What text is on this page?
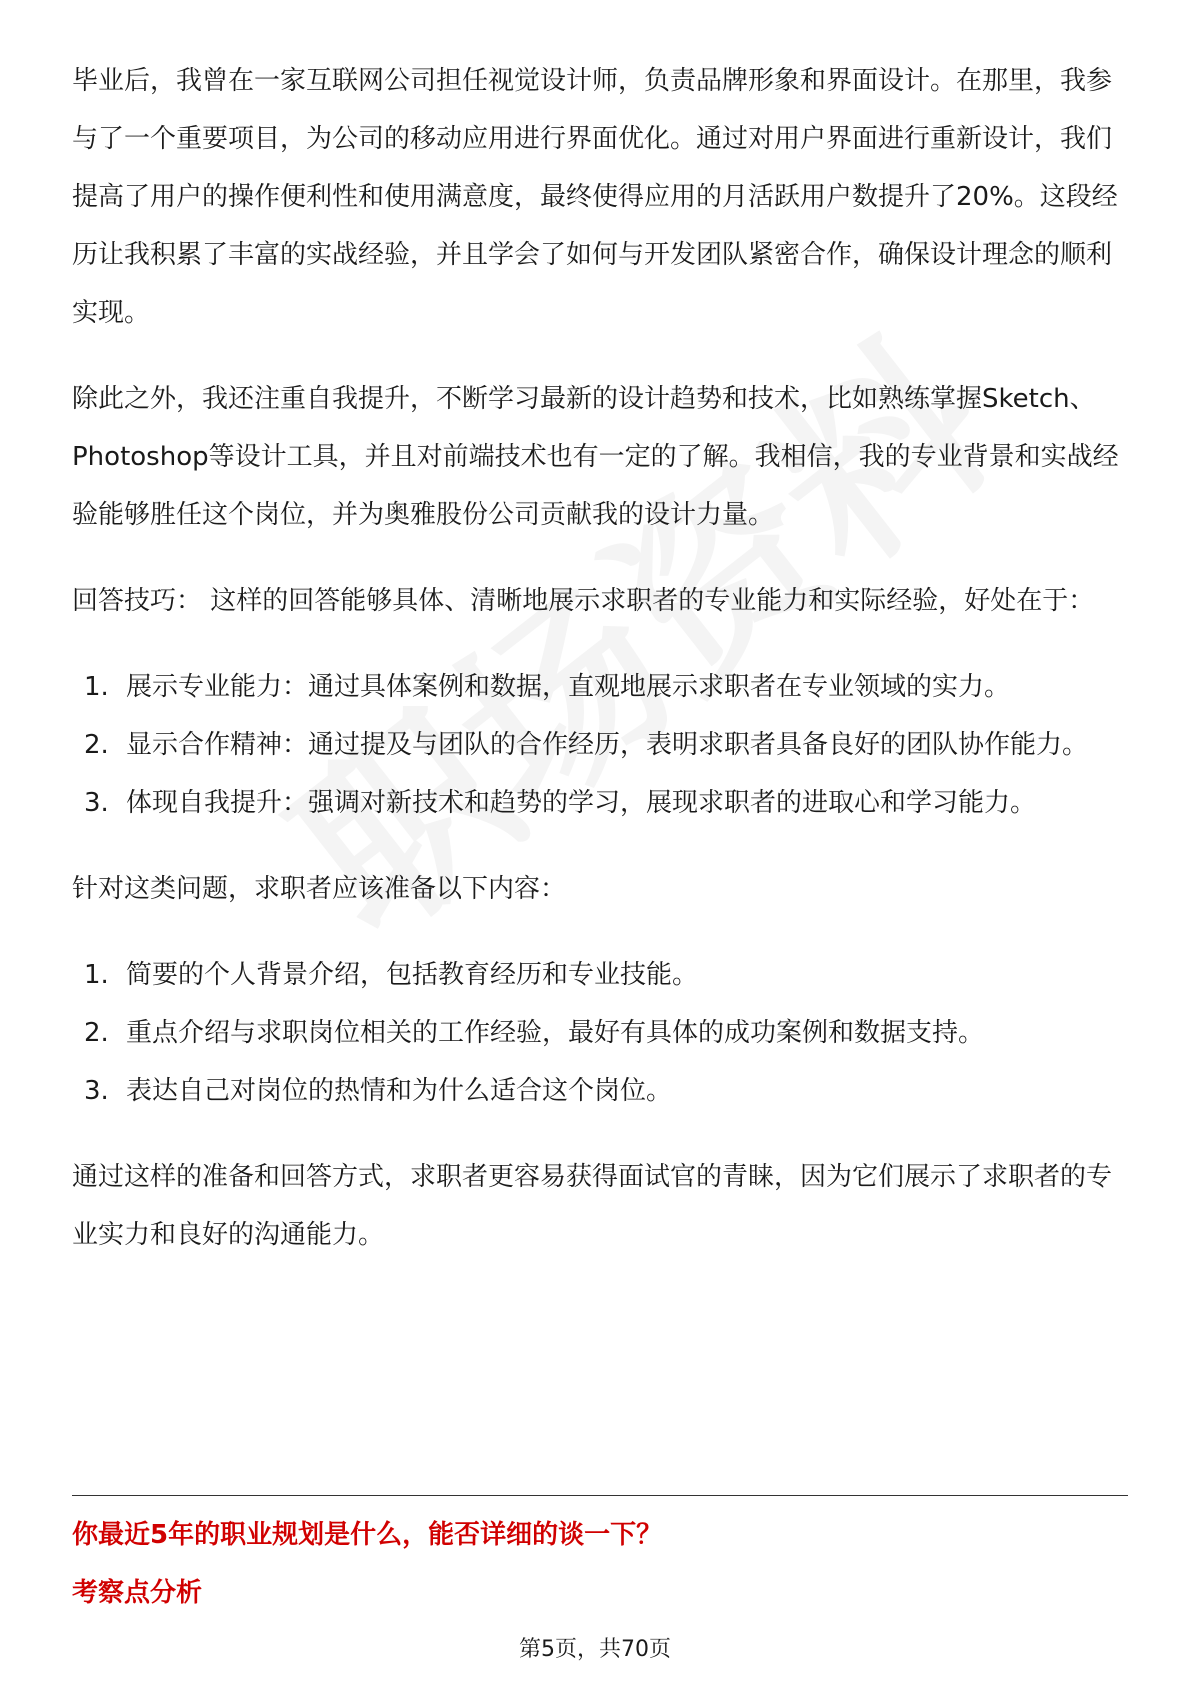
毕业后，我曾在一家互联网公司担任视觉设计师，负责品牌形象和界面设计。在那里，我参与了一个重要项目，为公司的移动应用进行界面优化。通过对用户界面进行重新设计，我们提高了用户的操作便利性和使用满意度，最终使得应用的月活跃用户数提升了20%。这段经历让我积累了丰富的实战经验，并且学会了如何与开发团队紧密合作，确保设计理念的顺利实现。

除此之外，我还注重自我提升，不断学习最新的设计趋势和技术，比如熟练掌握Sketch、Photoshop等设计工具，并且对前端技术也有一定的了解。我相信，我的专业背景和实战经验能够胜任这个岗位，并为奥雅股份公司贡献我的设计力量。

回答技巧： 这样的回答能够具体、清晰地展示求职者的专业能力和实际经验，好处在于：

1. 展示专业能力：通过具体案例和数据，直观地展示求职者在专业领域的实力。
2. 显示合作精神：通过提及与团队的合作经历，表明求职者具备良好的团队协作能力。
3. 体现自我提升：强调对新技术和趋势的学习，展现求职者的进取心和学习能力。

针对这类问题，求职者应该准备以下内容：

1. 简要的个人背景介绍，包括教育经历和专业技能。
2. 重点介绍与求职岗位相关的工作经验，最好有具体的成功案例和数据支持。
3. 表达自己对岗位的热情和为什么适合这个岗位。

通过这样的准备和回答方式，求职者更容易获得面试官的青睐，因为它们展示了求职者的专业实力和良好的沟通能力。

你最近5年的职业规划是什么，能否详细的谈一下？
考察点分析
第5页，共70页
